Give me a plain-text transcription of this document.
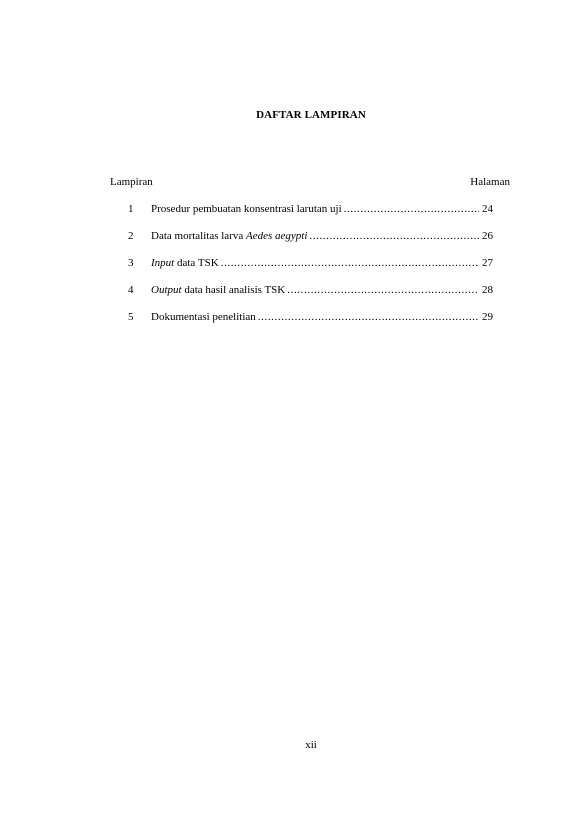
DAFTAR LAMPIRAN
Lampiran	Halaman
1	Prosedur pembuatan konsentrasi larutan uji .....	24
2	Data mortalitas larva Aedes aegypti .....	26
3	Input data TSK .....	27
4	Output data hasil analisis TSK .....	28
5	Dokumentasi penelitian .....	29
xii
